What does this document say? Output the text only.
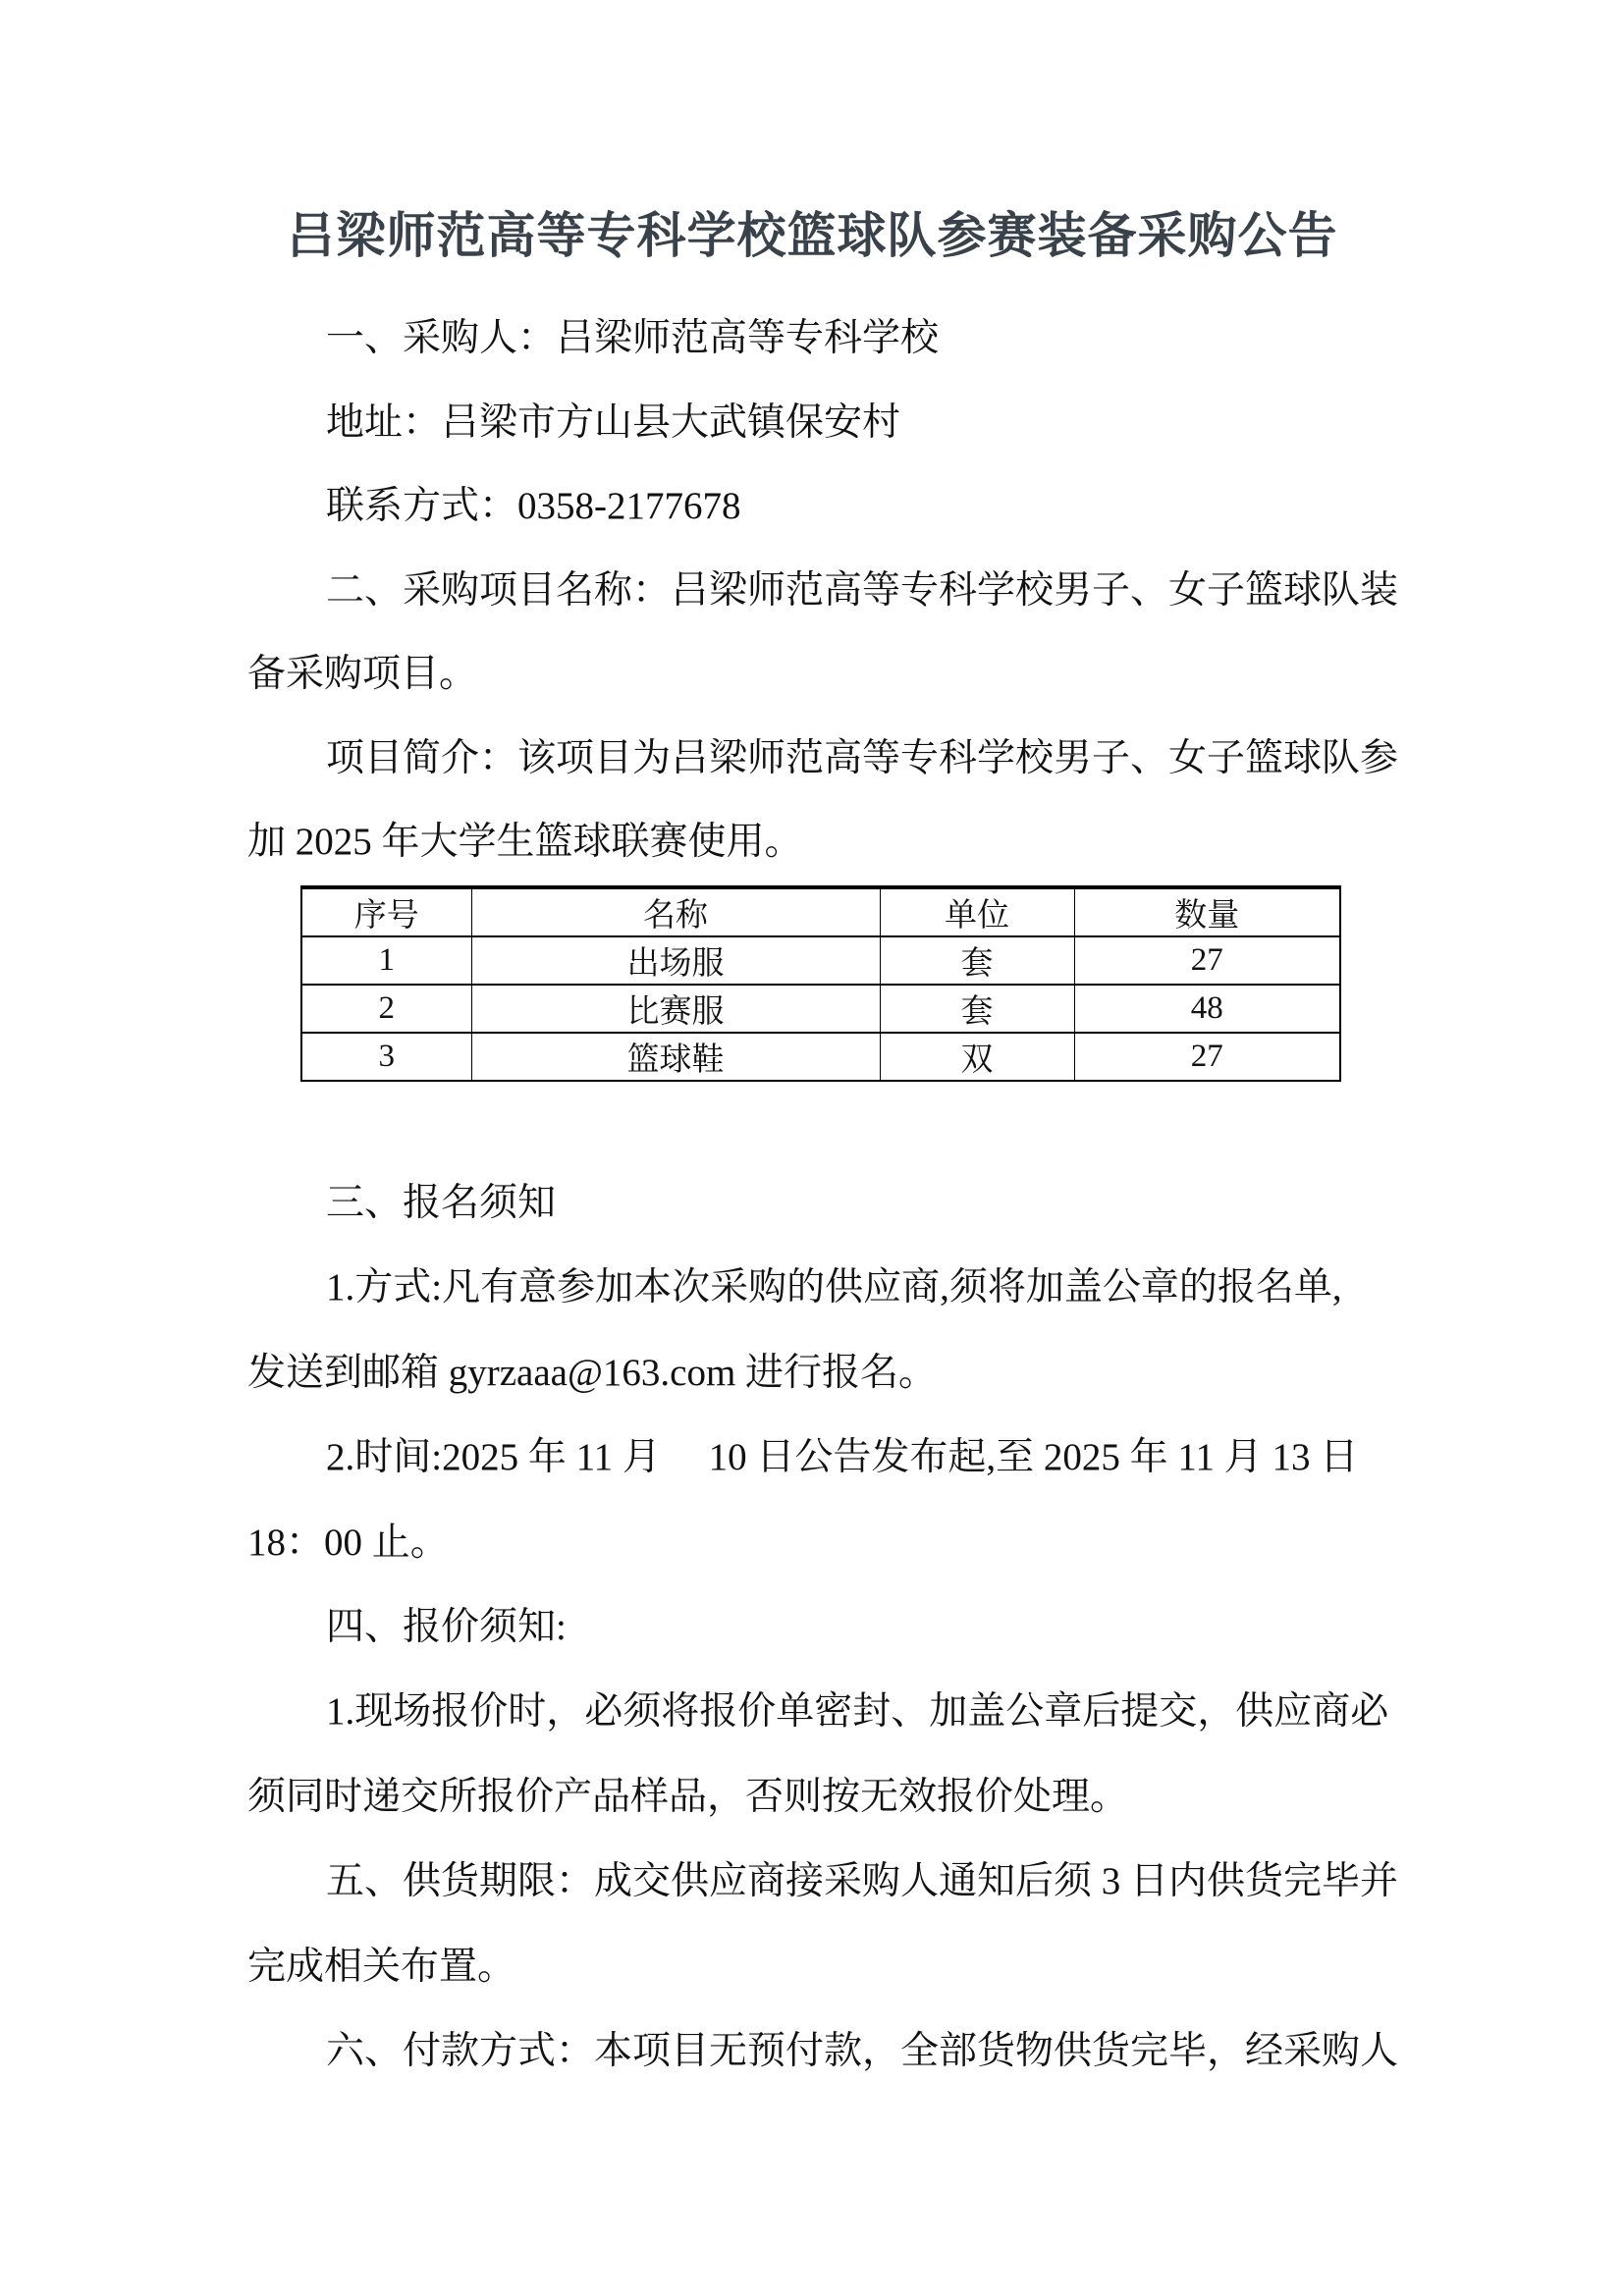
吕梁师范高等专科学校篮球队参赛装备采购公告
一、采购人：吕梁师范高等专科学校
地址：吕梁市方山县大武镇保安村
联系方式：0358-2177678
二、采购项目名称：吕梁师范高等专科学校男子、女子篮球队装
备采购项目。
项目简介：该项目为吕梁师范高等专科学校男子、女子篮球队参
加 2025 年大学生篮球联赛使用。
序号	名称	单位	数量
1	出场服	套	27
2	比赛服	套	48
3	篮球鞋	双	27
三、报名须知
1.方式:凡有意参加本次采购的供应商,须将加盖公章的报名单,
发送到邮箱 gyrzaaa@163.com 进行报名。
2.时间:2025 年 11 月　 10 日公告发布起,至 2025 年 11 月 13 日
18：00 止。
四、报价须知:
1.现场报价时，必须将报价单密封、加盖公章后提交，供应商必
须同时递交所报价产品样品，否则按无效报价处理。
五、供货期限：成交供应商接采购人通知后须 3 日内供货完毕并
完成相关布置。
六、付款方式：本项目无预付款，全部货物供货完毕，经采购人
